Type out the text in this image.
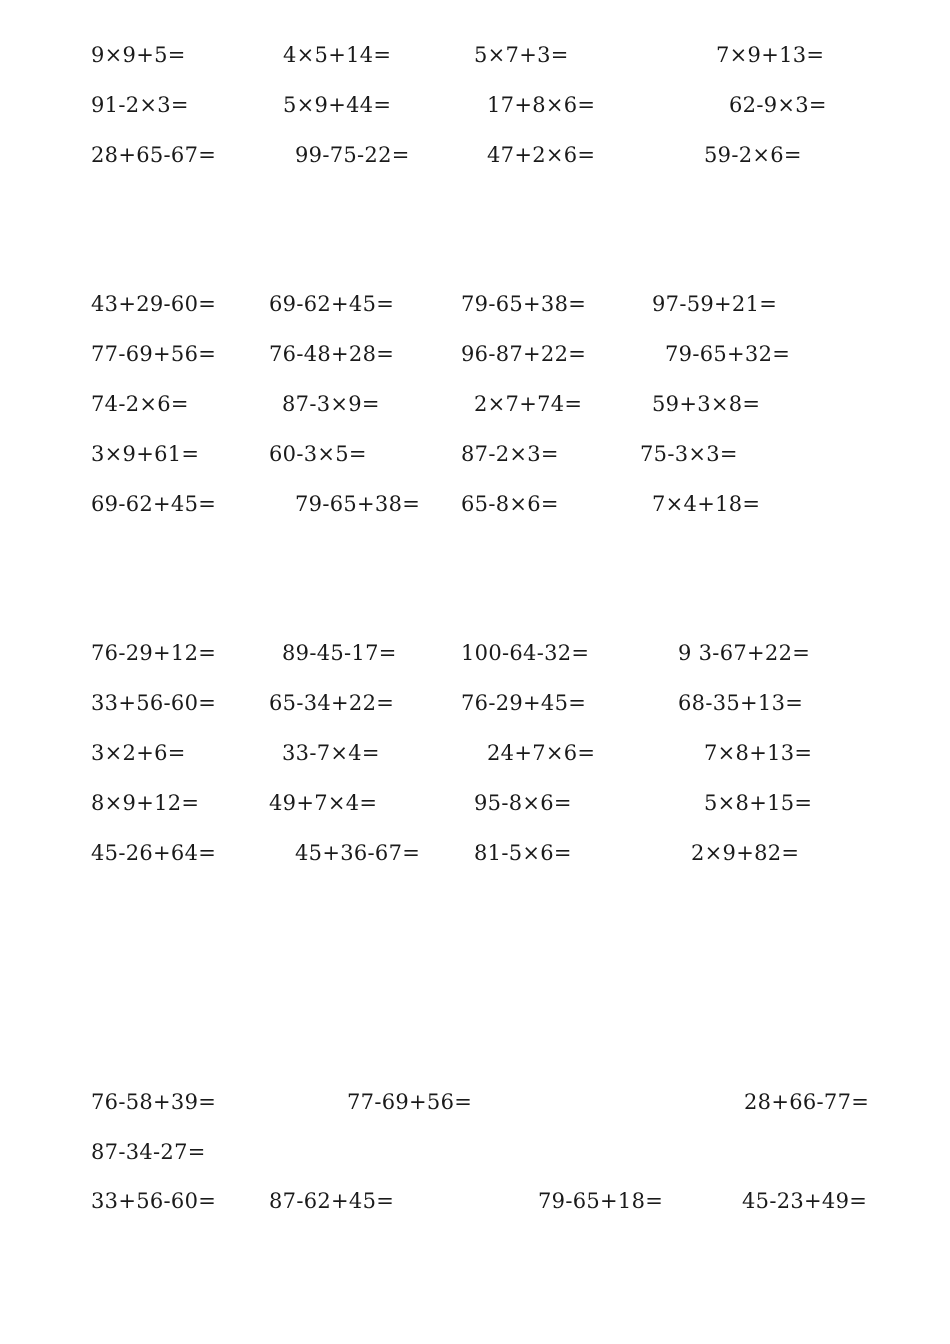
9×9+5=	4×5+14=	5×7+3=	7×9+13=
91-2×3=	5×9+44=	17+8×6=	62-9×3=
28+65-67=	99-75-22=	47+2×6=	59-2×6=
43+29-60=	69-62+45=	79-65+38=	97-59+21=
77-69+56=	76-48+28=	96-87+22=	79-65+32=
74-2×6=	87-3×9=	2×7+74=	59+3×8=
3×9+61=	60-3×5=	87-2×3=	75-3×3=
69-62+45=	79-65+38= 65-8×6=	7×4+18=
76-29+12=	89-45-17=	100-64-32=	9 3-67+22=
33+56-60=	65-34+22=	76-29+45=	68-35+13=
3×2+6=	33-7×4=	24+7×6=	7×8+13=
8×9+12=	49+7×4=	95-8×6=	5×8+15=
45-26+64=	45+36-67=	81-5×6=	2×9+82=
76-58+39=	77-69+56=	28+66-77=
87-34-27=
33+56-60=	87-62+45=	79-65+18=	45-23+49=
